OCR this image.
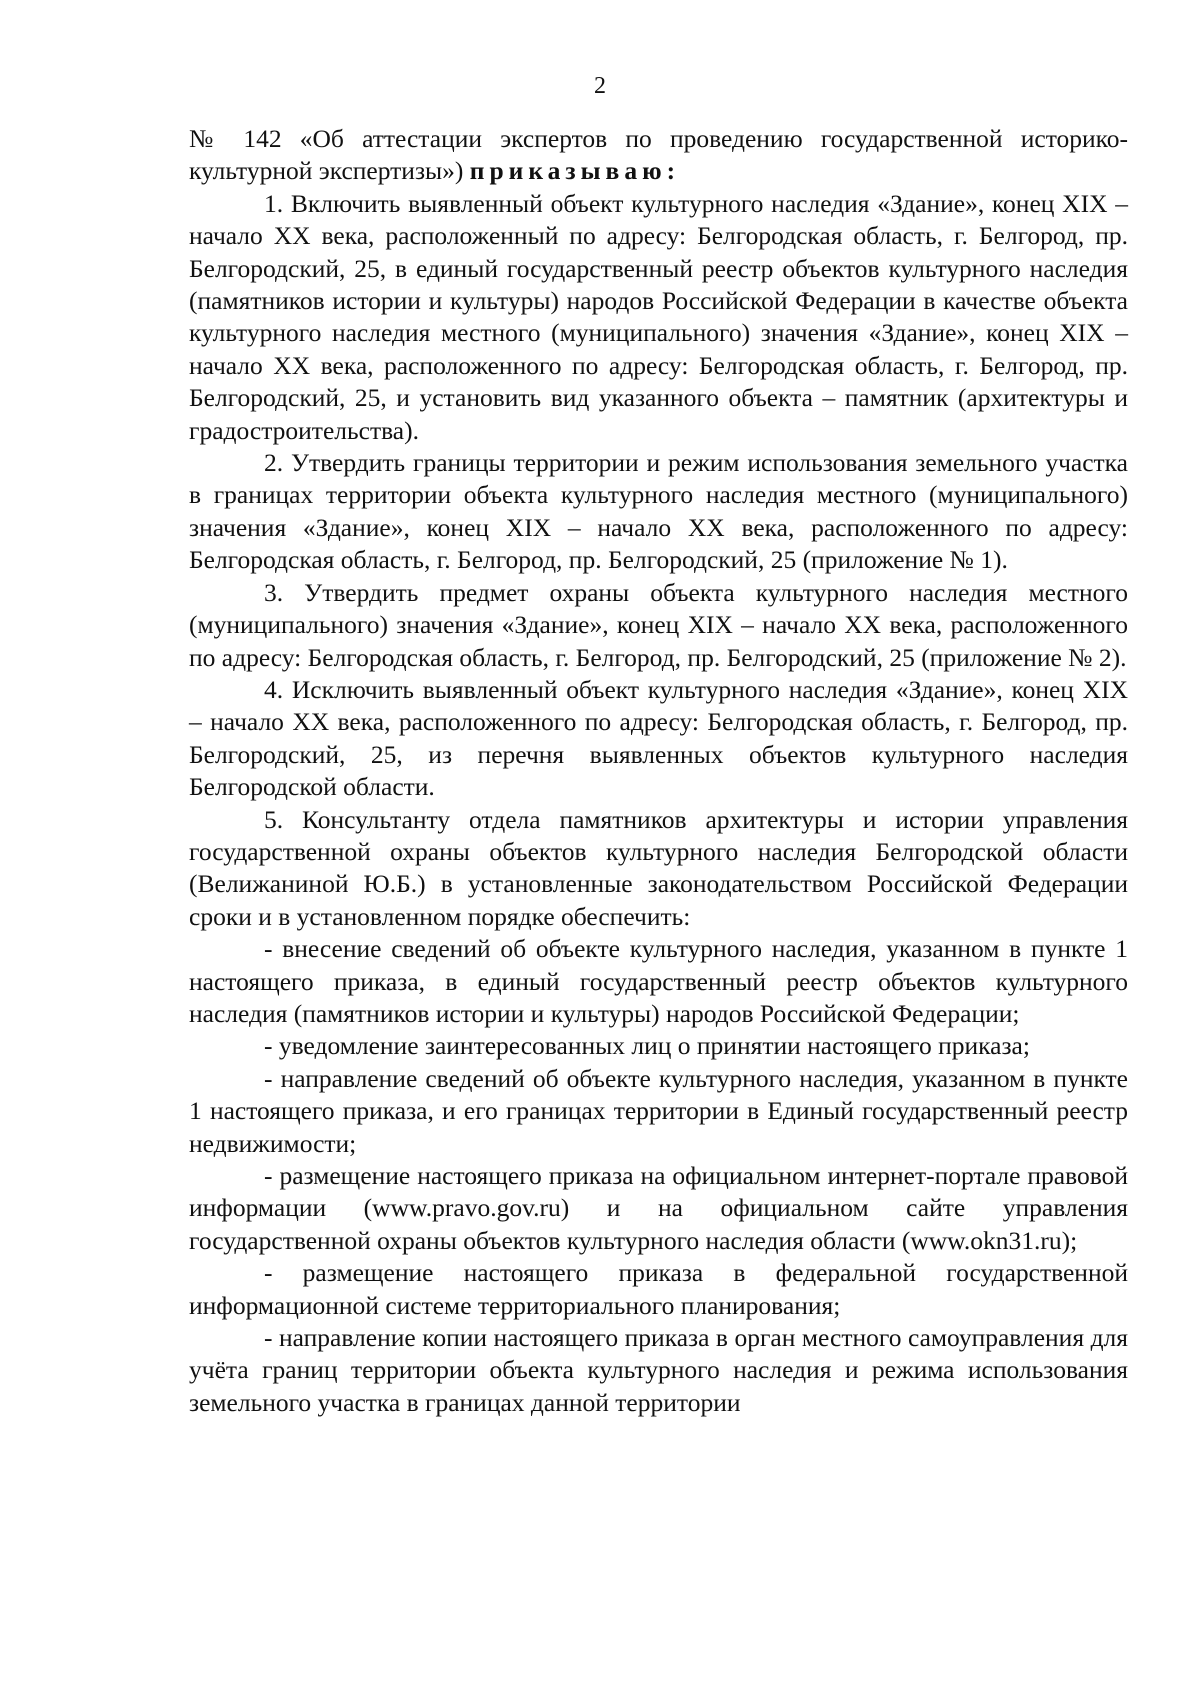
2

№ 142 «Об аттестации экспертов по проведению государственной историко-культурной экспертизы») приказываю:

1. Включить выявленный объект культурного наследия «Здание», конец XIX – начало XX века, расположенный по адресу: Белгородская область, г. Белгород, пр. Белгородский, 25, в единый государственный реестр объектов культурного наследия (памятников истории и культуры) народов Российской Федерации в качестве объекта культурного наследия местного (муниципального) значения «Здание», конец XIX – начало XX века, расположенного по адресу: Белгородская область, г. Белгород, пр. Белгородский, 25, и установить вид указанного объекта – памятник (архитектуры и градостроительства).

2. Утвердить границы территории и режим использования земельного участка в границах территории объекта культурного наследия местного (муниципального) значения «Здание», конец XIX – начало XX века, расположенного по адресу: Белгородская область, г. Белгород, пр. Белгородский, 25 (приложение № 1).

3. Утвердить предмет охраны объекта культурного наследия местного (муниципального) значения «Здание», конец XIX – начало XX века, расположенного по адресу: Белгородская область, г. Белгород, пр. Белгородский, 25 (приложение № 2).

4. Исключить выявленный объект культурного наследия «Здание», конец XIX – начало XX века, расположенного по адресу: Белгородская область, г. Белгород, пр. Белгородский, 25, из перечня выявленных объектов культурного наследия Белгородской области.

5. Консультанту отдела памятников архитектуры и истории управления государственной охраны объектов культурного наследия Белгородской области (Велижаниной Ю.Б.) в установленные законодательством Российской Федерации сроки и в установленном порядке обеспечить:

- внесение сведений об объекте культурного наследия, указанном в пункте 1 настоящего приказа, в единый государственный реестр объектов культурного наследия (памятников истории и культуры) народов Российской Федерации;

- уведомление заинтересованных лиц о принятии настоящего приказа;

- направление сведений об объекте культурного наследия, указанном в пункте 1 настоящего приказа, и его границах территории в Единый государственный реестр недвижимости;

- размещение настоящего приказа на официальном интернет-портале правовой информации (www.pravo.gov.ru) и на официальном сайте управления государственной охраны объектов культурного наследия области (www.okn31.ru);

- размещение настоящего приказа в федеральной государственной информационной системе территориального планирования;

- направление копии настоящего приказа в орган местного самоуправления для учёта границ территории объекта культурного наследия и режима использования земельного участка в границах данной территории
